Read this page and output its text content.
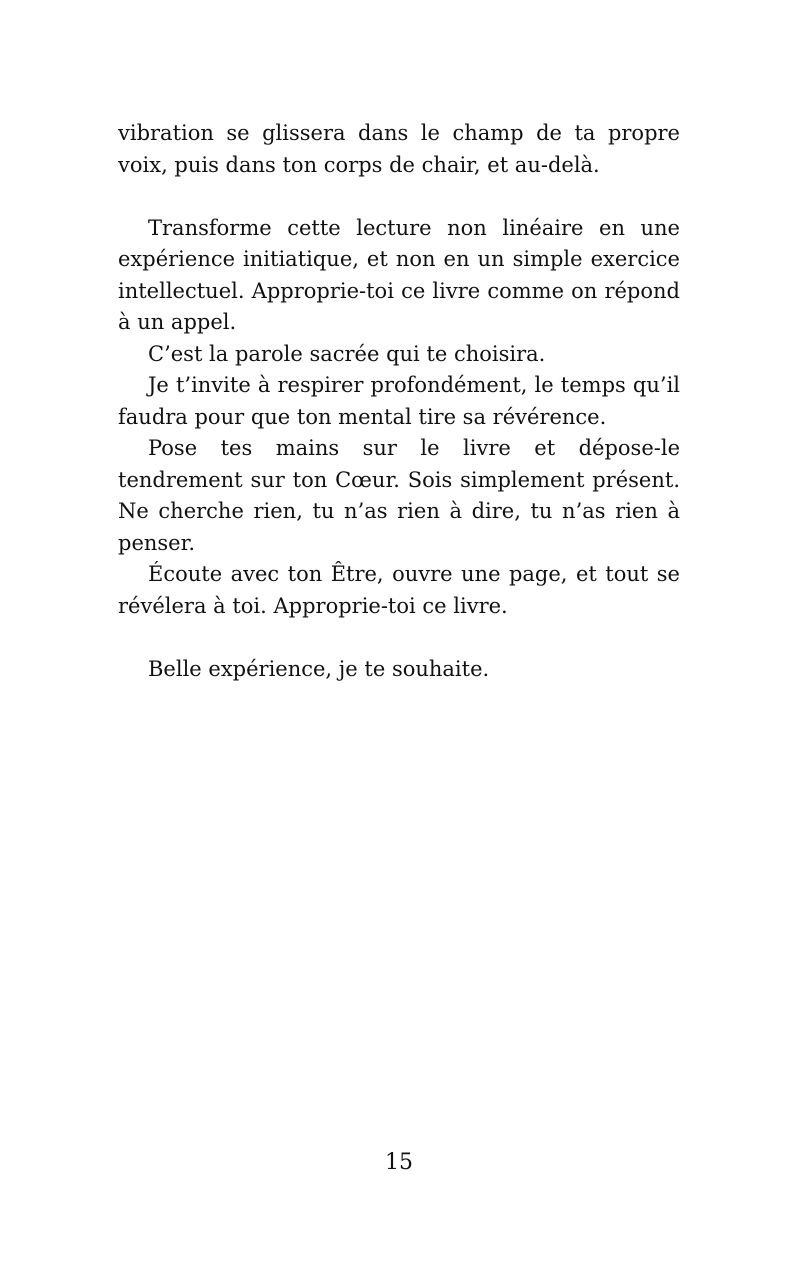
vibration se glissera dans le champ de ta propre voix, puis dans ton corps de chair, et au-delà.

Transforme cette lecture non linéaire en une expérience initiatique, et non en un simple exercice intellectuel. Approprie-toi ce livre comme on répond à un appel.

C’est la parole sacrée qui te choisira.

Je t’invite à respirer profondément, le temps qu’il faudra pour que ton mental tire sa révérence.

Pose tes mains sur le livre et dépose-le tendrement sur ton Cœur. Sois simplement présent. Ne cherche rien, tu n’as rien à dire, tu n’as rien à penser.

Écoute avec ton Être, ouvre une page, et tout se révélera à toi. Approprie-toi ce livre.

Belle expérience, je te souhaite.

15
